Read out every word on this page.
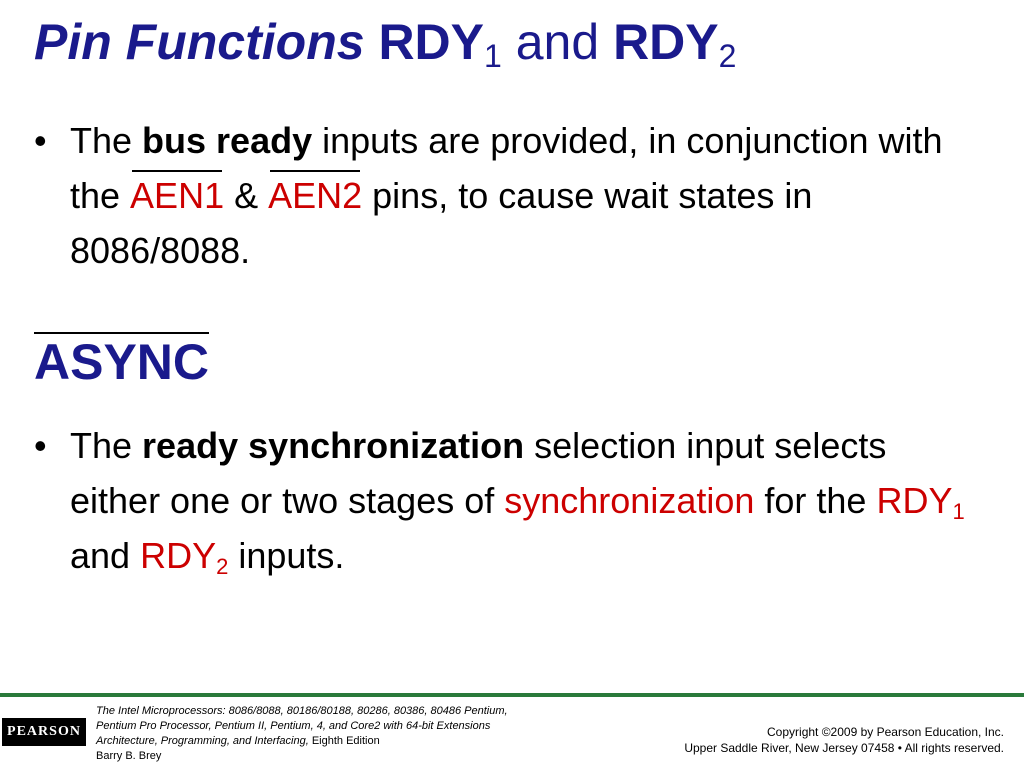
Pin Functions $RDY_1$ and $RDY_2$
• The bus ready inputs are provided, in conjunction with the AEN1 & AEN2 pins, to cause wait states in 8086/8088.
ASYNC
• The ready synchronization selection input selects either one or two stages of synchronization for the $RDY_1$ and $RDY_2$ inputs.
PEARSON
The Intel Microprocessors: 8086/8088, 80186/80188, 80286, 80386, 80486 Pentium,
Pentium Pro Processor, Pentium II, Pentium, 4, and Core2 with 64-bit Extensions
Architecture, Programming, and Interfacing, Eighth Edition
Barry B. Brey
Copyright ©2009 by Pearson Education, Inc.
Upper Saddle River, New Jersey 07458 • All rights reserved.
